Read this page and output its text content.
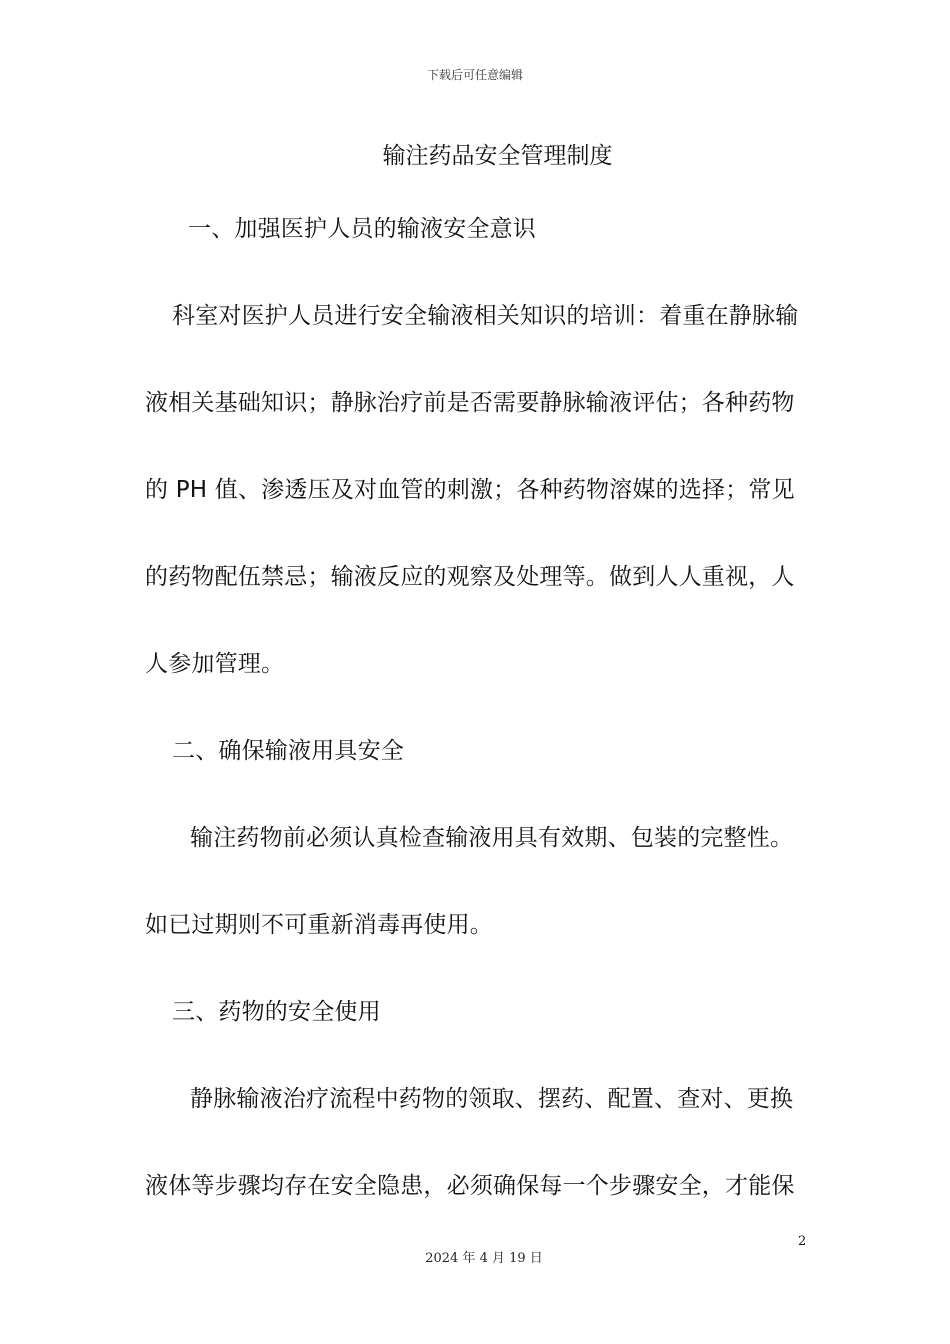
下载后可任意编辑
输注药品安全管理制度
一、加强医护人员的输液安全意识
科室对医护人员进行安全输液相关知识的培训：着重在静脉输
液相关基础知识；静脉治疗前是否需要静脉输液评估；各种药物
的 PH 值、渗透压及对血管的刺激；各种药物溶媒的选择；常见
的药物配伍禁忌；输液反应的观察及处理等。做到人人重视，人
人参加管理。
二、确保输液用具安全
输注药物前必须认真检查输液用具有效期、包装的完整性。
如已过期则不可重新消毒再使用。
三、药物的安全使用
静脉输液治疗流程中药物的领取、摆药、配置、查对、更换
液体等步骤均存在安全隐患，必须确保每一个步骤安全，才能保
2
2024 年 4 月 19 日
